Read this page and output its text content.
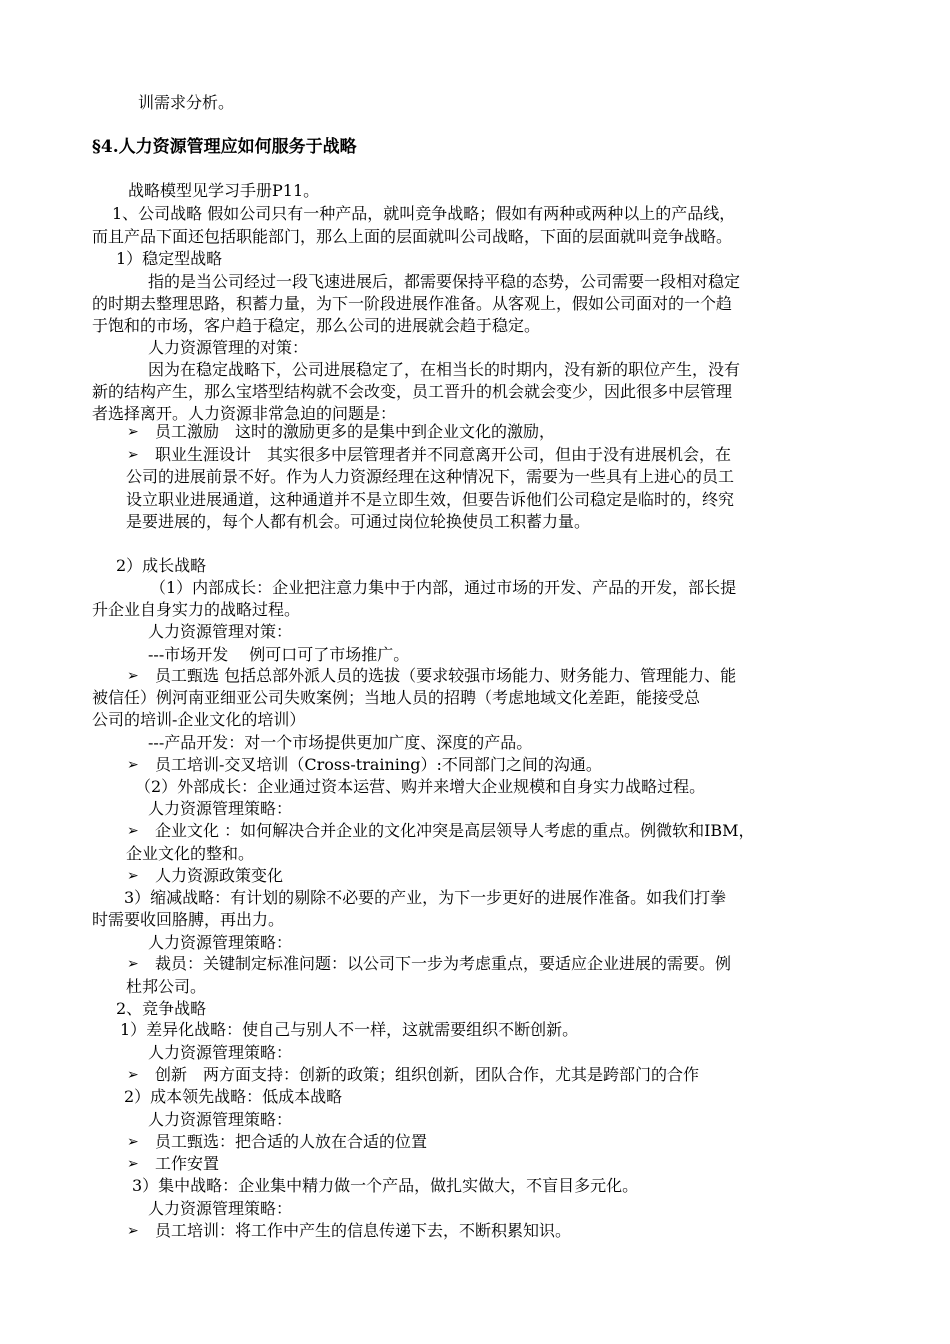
训需求分析。
§4.人力资源管理应如何服务于战略
战略模型见学习手册P11。
1、公司战略 假如公司只有一种产品，就叫竞争战略；假如有两种或两种以上的产品线，
而且产品下面还包括职能部门，那么上面的层面就叫公司战略，下面的层面就叫竞争战略。
1）稳定型战略
指的是当公司经过一段飞速进展后，都需要保持平稳的态势，公司需要一段相对稳定
的时期去整理思路，积蓄力量，为下一阶段进展作准备。从客观上，假如公司面对的一个趋
于饱和的市场，客户趋于稳定，那么公司的进展就会趋于稳定。
人力资源管理的对策：
因为在稳定战略下，公司进展稳定了，在相当长的时期内，没有新的职位产生，没有
新的结构产生，那么宝塔型结构就不会改变，员工晋升的机会就会变少，因此很多中层管理
者选择离开。人力资源非常急迫的问题是：
员工激励　这时的激励更多的是集中到企业文化的激励，
➢
职业生涯设计　其实很多中层管理者并不同意离开公司，但由于没有进展机会，在
➢
公司的进展前景不好。作为人力资源经理在这种情况下，需要为一些具有上进心的员工
设立职业进展通道，这种通道并不是立即生效，但要告诉他们公司稳定是临时的，终究
是要进展的，每个人都有机会。可通过岗位轮换使员工积蓄力量。
2）成长战略
（1）内部成长：企业把注意力集中于内部，通过市场的开发、产品的开发，部长提
升企业自身实力的战略过程。
人力资源管理对策：
---市场开发　 例可口可了市场推广。
员工甄选 包括总部外派人员的选拔（要求较强市场能力、财务能力、管理能力、能
➢
被信任）例河南亚细亚公司失败案例；当地人员的招聘（考虑地域文化差距，能接受总
公司的培训-企业文化的培训）
---产品开发：对一个市场提供更加广度、深度的产品。
员工培训-交叉培训（Cross-training）:不同部门之间的沟通。
➢
（2）外部成长：企业通过资本运营、购并来增大企业规模和自身实力战略过程。
人力资源管理策略：
企业文化 ：如何解决合并企业的文化冲突是高层领导人考虑的重点。例微软和IBM，
➢
企业文化的整和。
人力资源政策变化
➢
3）缩减战略：有计划的剔除不必要的产业，为下一步更好的进展作准备。如我们打拳
时需要收回胳膊，再出力。
人力资源管理策略：
裁员：关键制定标准问题：以公司下一步为考虑重点，要适应企业进展的需要。例
➢
杜邦公司。
2、竞争战略
1）差异化战略：使自己与别人不一样，这就需要组织不断创新。
人力资源管理策略：
创新　两方面支持：创新的政策；组织创新，团队合作，尤其是跨部门的合作
➢
2）成本领先战略：低成本战略
人力资源管理策略：
员工甄选：把合适的人放在合适的位置
➢
工作安置
➢
3）集中战略：企业集中精力做一个产品，做扎实做大，不盲目多元化。
人力资源管理策略：
员工培训：将工作中产生的信息传递下去，不断积累知识。
➢
